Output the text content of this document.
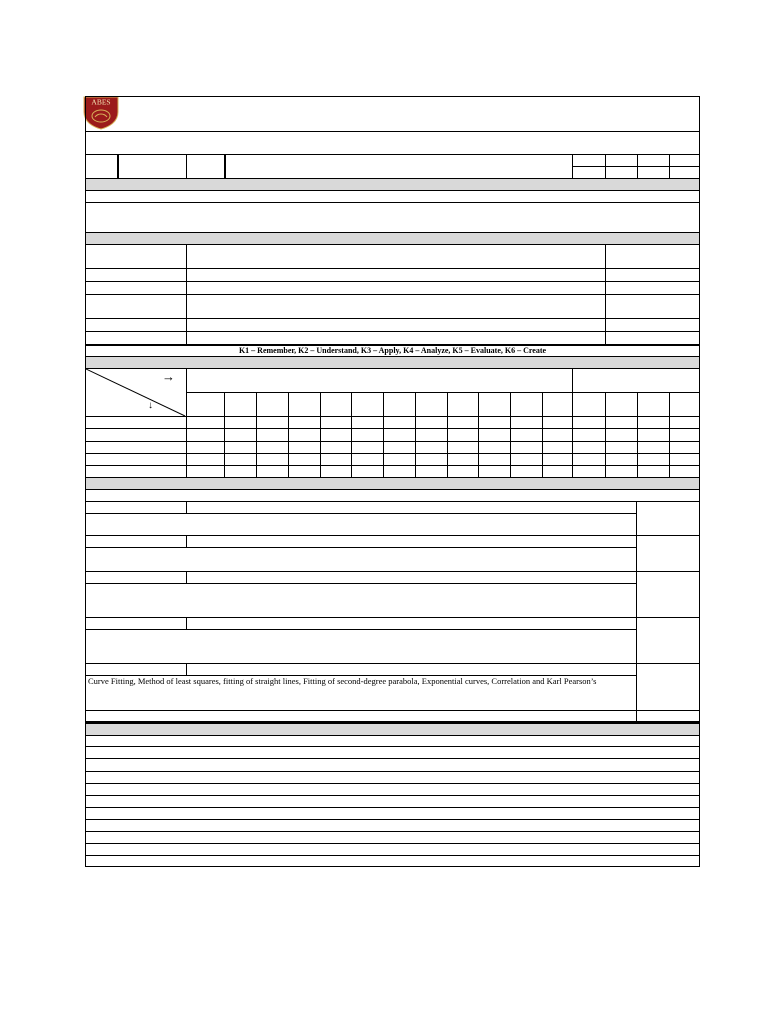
ABES
K1 – Remember, K2 – Understand, K3 – Apply, K4 – Analyze, K5 – Evaluate, K6 – Create
→
↓
Curve Fitting, Method of least squares, fitting of straight lines, Fitting of second-degree parabola, Exponential curves, Correlation and Karl Pearson’s
